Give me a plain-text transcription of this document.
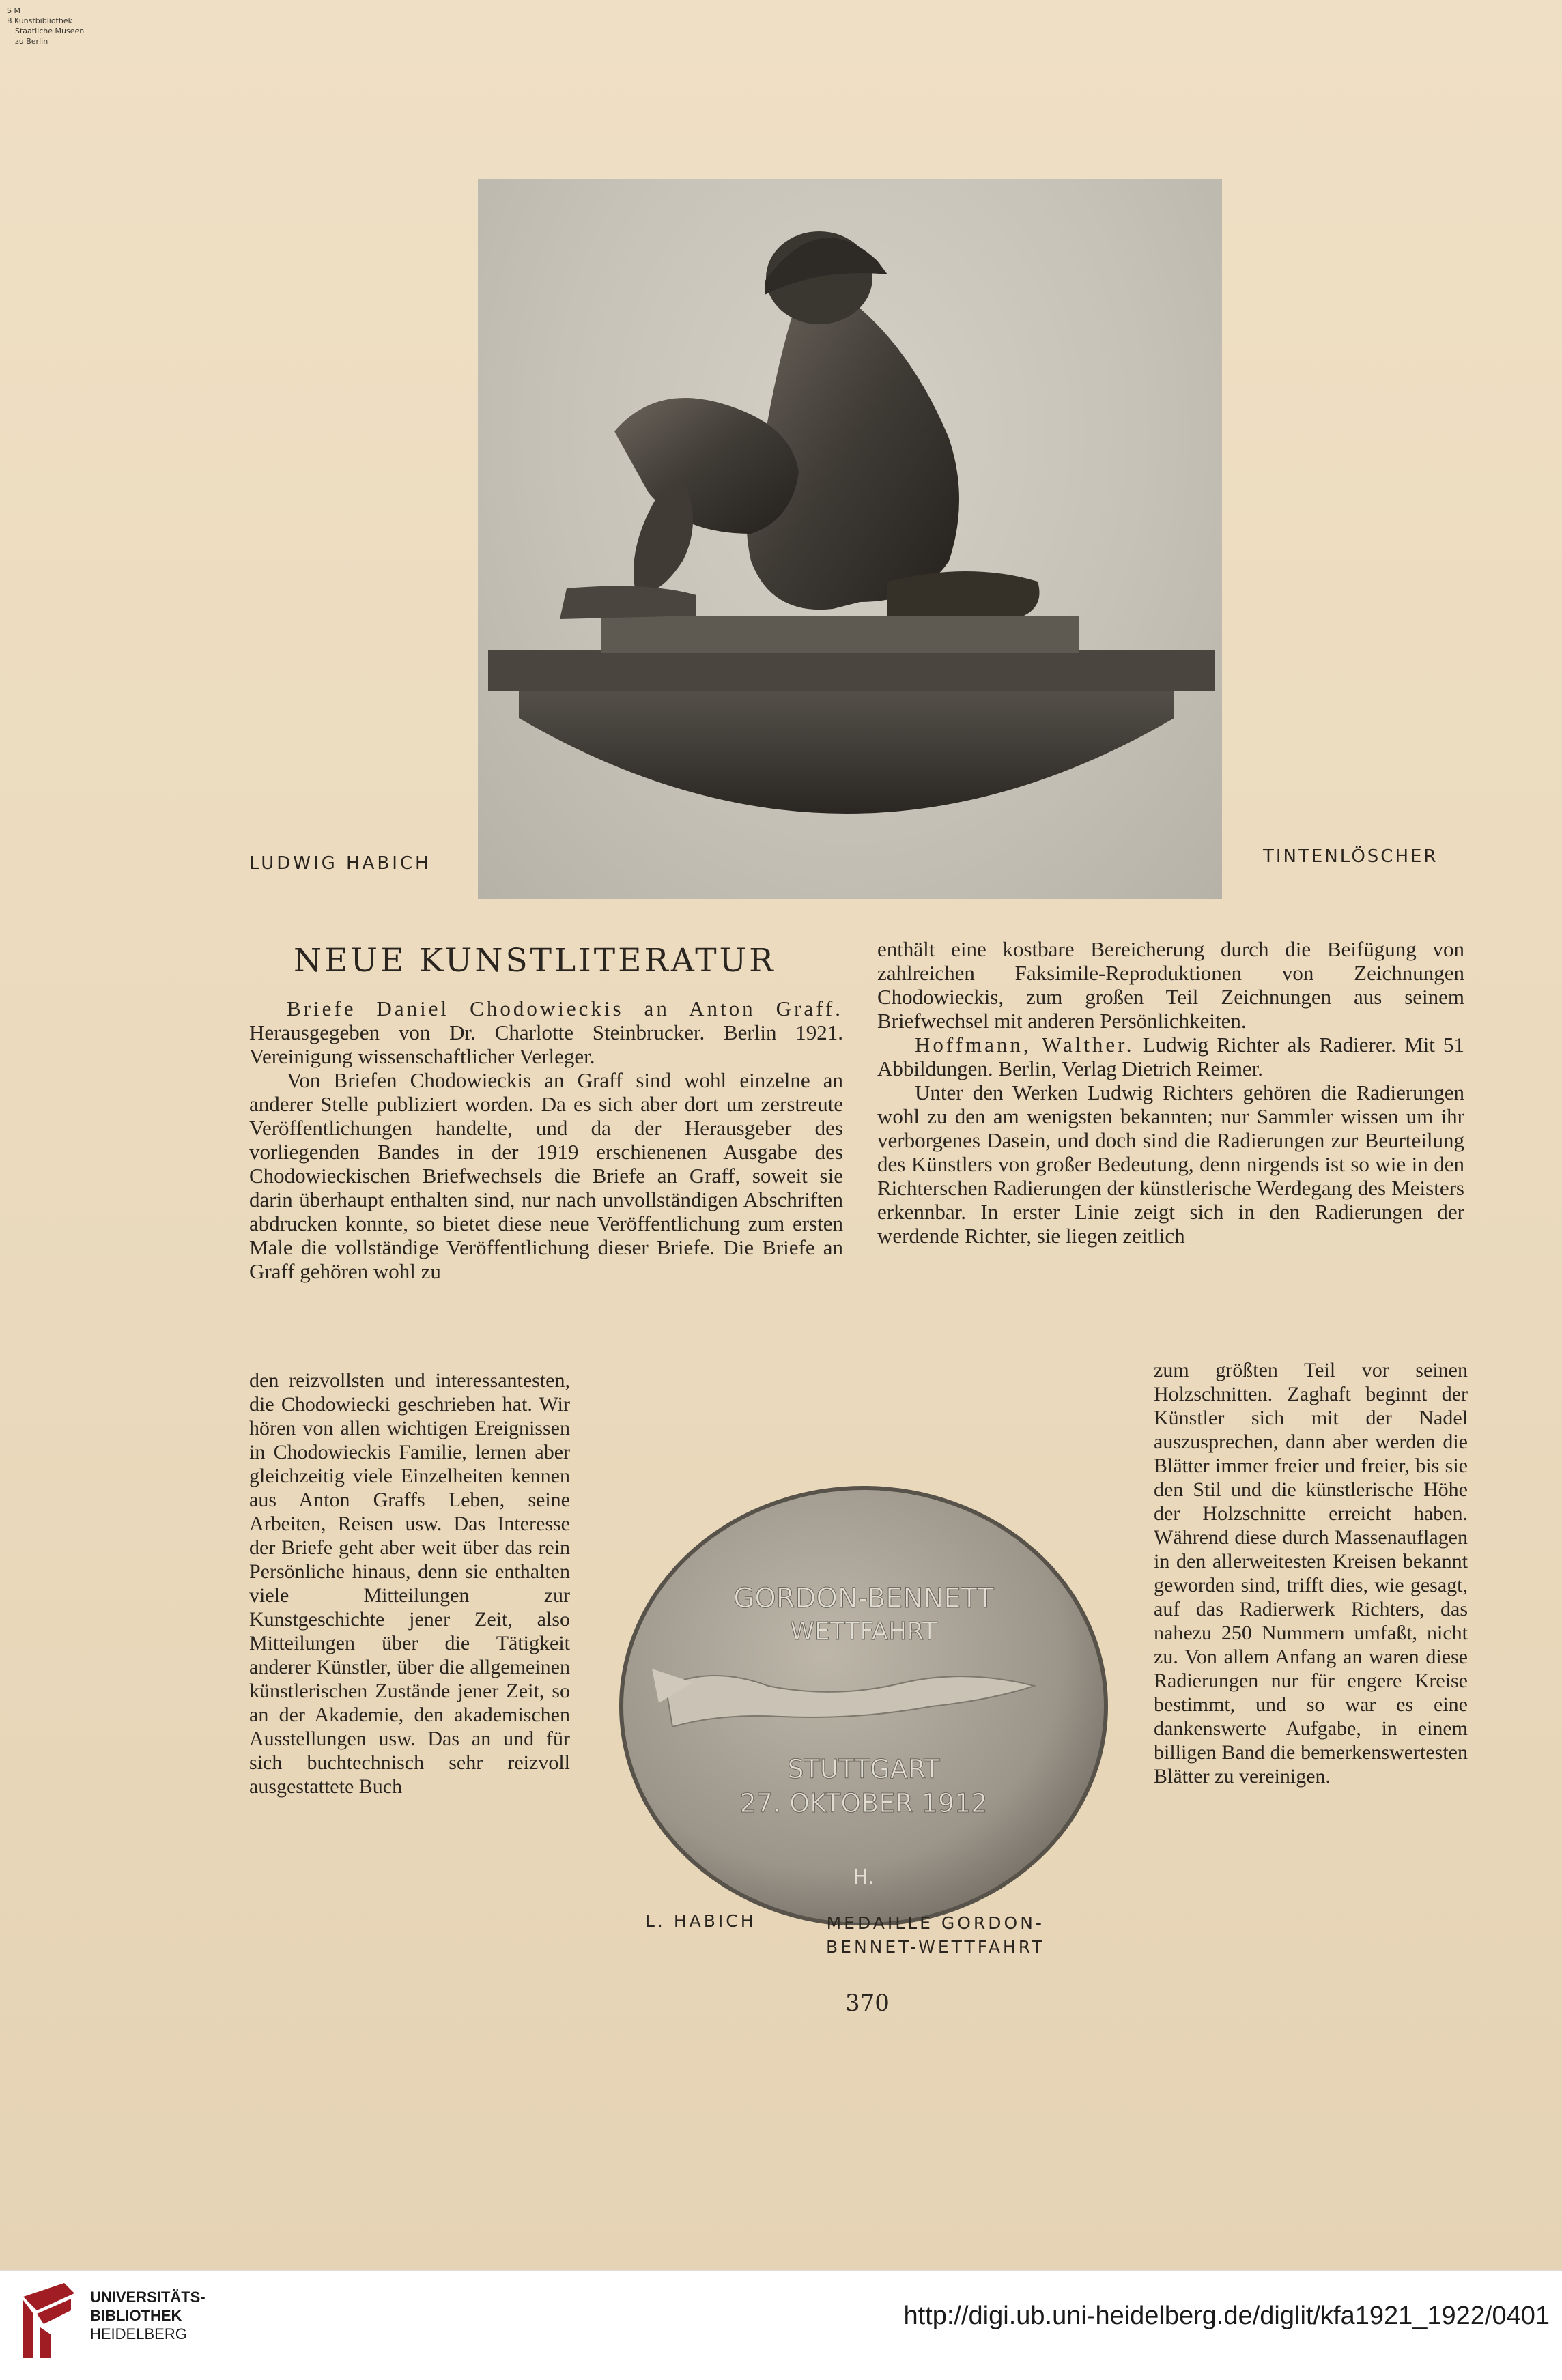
S M
B Kunstbibliothek
Staatliche Museen
zu Berlin
LUDWIG HABICH	TINTENLÖSCHER
NEUE KUNSTLITERATUR

Briefe Daniel Chodowieckis an Anton Graff. Herausgegeben von Dr. Charlotte Steinbrucker. Berlin 1921. Vereinigung wissenschaftlicher Verleger.

Von Briefen Chodowieckis an Graff sind wohl einzelne an anderer Stelle publiziert worden. Da es sich aber dort um zerstreute Veröffentlichungen handelte, und da der Herausgeber des vorliegenden Bandes in der 1919 erschienenen Ausgabe des Chodowieckischen Briefwechsels die Briefe an Graff, soweit sie darin überhaupt enthalten sind, nur nach unvollständigen Abschriften abdrucken konnte, so bietet diese neue Veröffentlichung zum ersten Male die vollständige Veröffentlichung dieser Briefe. Die Briefe an Graff gehören wohl zu

den reizvollsten und interessantesten, die Chodowiecki geschrieben hat. Wir hören von allen wichtigen Ereignissen in Chodowieckis Familie, lernen aber gleichzeitig viele Einzelheiten kennen aus Anton Graffs Leben, seine Arbeiten, Reisen usw. Das Interesse der Briefe geht aber weit über das rein Persönliche hinaus, denn sie enthalten viele Mitteilungen zur Kunstgeschichte jener Zeit, also Mitteilungen über die Tätigkeit anderer Künstler, über die allgemeinen künstlerischen Zustände jener Zeit, so an der Akademie, den akademischen Ausstellungen usw. Das an und für sich buchtechnisch sehr reizvoll ausgestattete Buch

enthält eine kostbare Bereicherung durch die Beifügung von zahlreichen Faksimile-Reproduktionen von Zeichnungen Chodowieckis, zum großen Teil Zeichnungen aus seinem Briefwechsel mit anderen Persönlichkeiten.

Hoffmann, Walther. Ludwig Richter als Radierer. Mit 51 Abbildungen. Berlin, Verlag Dietrich Reimer.

Unter den Werken Ludwig Richters gehören die Radierungen wohl zu den am wenigsten bekannten; nur Sammler wissen um ihr verborgenes Dasein, und doch sind die Radierungen zur Beurteilung des Künstlers von großer Bedeutung, denn nirgends ist so wie in den Richterschen Radierungen der künstlerische Werdegang des Meisters erkennbar. In erster Linie zeigt sich in den Radierungen der werdende Richter, sie liegen zeitlich

zum größten Teil vor seinen Holzschnitten. Zaghaft beginnt der Künstler sich mit der Nadel auszusprechen, dann aber werden die Blätter immer freier und freier, bis sie den Stil und die künstlerische Höhe der Holzschnitte erreicht haben. Während diese durch Massenauflagen in den allerweitesten Kreisen bekannt geworden sind, trifft dies, wie gesagt, auf das Radierwerk Richters, das nahezu 250 Nummern umfaßt, nicht zu. Von allem Anfang an waren diese Radierungen nur für engere Kreise bestimmt, und so war es eine dankenswerte Aufgabe, in einem billigen Band die bemerkenswertesten Blätter zu vereinigen.

GORDON-BENNETT
WETTFAHRT
STUTTGART
27. OKTOBER 1912
H.
L. HABICH	MEDAILLE GORDON-
BENNET-WETTFAHRT
370
UNIVERSITÄTS-
BIBLIOTHEK
HEIDELBERG
http://digi.ub.uni-heidelberg.de/diglit/kfa1921_1922/0401
